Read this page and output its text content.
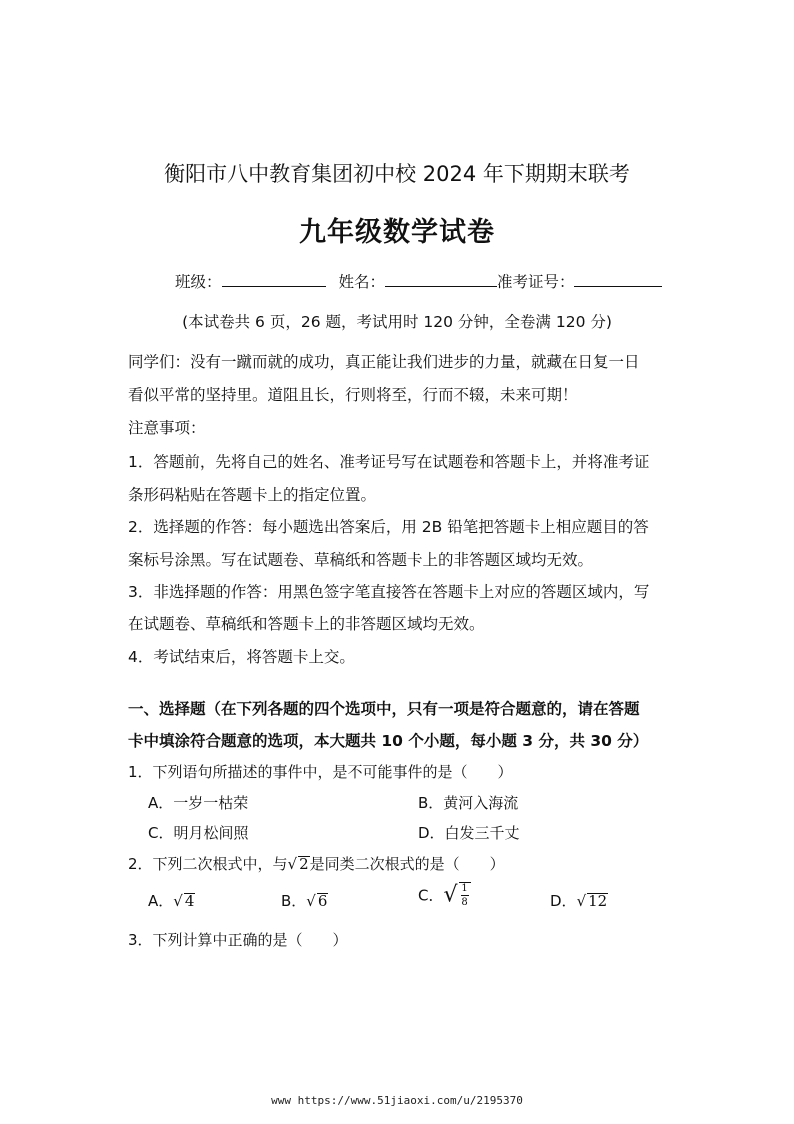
衡阳市八中教育集团初中校 2024 年下期期末联考
九年级数学试卷
班级：	姓名：	准考证号：
(本试卷共 6 页，26 题，考试用时 120 分钟，全卷满 120 分)
同学们：没有一蹴而就的成功，真正能让我们进步的力量，就藏在日复一日
看似平常的坚持里。道阻且长，行则将至，行而不辍，未来可期！
注意事项：
1．答题前，先将自己的姓名、准考证号写在试题卷和答题卡上，并将准考证
条形码粘贴在答题卡上的指定位置。
2．选择题的作答：每小题选出答案后，用 2B 铅笔把答题卡上相应题目的答
案标号涂黑。写在试题卷、草稿纸和答题卡上的非答题区域均无效。
3．非选择题的作答：用黑色签字笔直接答在答题卡上对应的答题区域内，写
在试题卷、草稿纸和答题卡上的非答题区域均无效。
4．考试结束后，将答题卡上交。
一、选择题（在下列各题的四个选项中，只有一项是符合题意的，请在答题
卡中填涂符合题意的选项，本大题共 10 个小题，每小题 3 分，共 30 分）
1．下列语句所描述的事件中，是不可能事件的是（　　）
A．一岁一枯荣	B．黄河入海流
C．明月松间照	D．白发三千丈
2．下列二次根式中，与√ 2是同类二次根式的是（　　）
A．√ 4	B．√ 6	C．√ $\frac{1}{8}$	D．√ 12
3．下列计算中正确的是（　　）
www https://www.51jiaoxi.com/u/2195370
